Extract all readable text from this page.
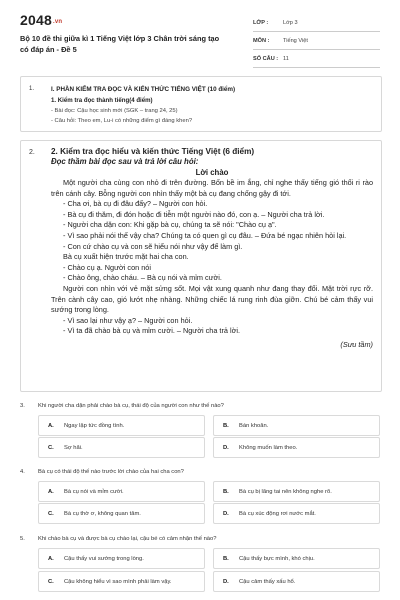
2048.vn
Bộ 10 đề thi giữa kì 1 Tiếng Việt lớp 3 Chân trời sáng tạo có đáp án - Đề 5
LỚP :	Lớp 3
MÔN :	Tiếng Việt
SỐ CÂU : 11
1.	I. PHẦN KIỂM TRA ĐỌC VÀ KIẾN THỨC TIẾNG VIỆT (10 điểm)
1. Kiểm tra đọc thành tiếng(4 điểm)
- Bài đọc: Cậu học sinh mới (SGK – trang 24, 25)
- Câu hỏi: Theo em, Lu-i có những điểm gì đáng khen?
2. 2. Kiểm tra đọc hiểu và kiến thức Tiếng Việt (6 điểm)
Đọc thầm bài đọc sau và trả lời câu hỏi:
Lời chào

Một người cha cùng con nhỏ đi trên đường. Bốn bề im ắng, chỉ nghe thấy tiếng gió thổi ri rào trên cánh cây. Bỗng người con nhìn thấy một bà cụ đang chống gậy đi tới.

- Cha ơi, bà cụ đi đâu đấy? – Người con hỏi.

- Bà cụ đi thăm, đi đón hoặc đi tiễn một người nào đó, con ạ. – Người cha trả lời.

- Người cha dặn con: Khi gặp bà cụ, chúng ta sẽ nói: "Chào cụ ạ".

- Vì sao phải nói thế vậy cha? Chúng ta có quen gì cụ đâu. – Đứa bé ngạc nhiên hỏi lại.

- Con cứ chào cụ và con sẽ hiểu nói như vậy để làm gì.

Bà cụ xuất hiện trước mặt hai cha con.

- Chào cụ ạ. Người con nói

- Chào ông, chào cháu. – Bà cụ nói và mỉm cười.

Người con nhìn với vẻ mặt sửng sốt. Mọi vật xung quanh như đang thay đổi. Mặt trời rực rỡ. Trên cành cây cao, gió lướt nhẹ nhàng. Những chiếc lá rung rinh đùa giỡn. Chú bé cảm thấy vui sướng trong lòng.

- Vì sao lại như vậy ạ? – Người con hỏi.

- Vì ta đã chào bà cụ và mỉm cười. – Người cha trả lời.

(Sưu tầm)
3. Khi người cha dặn phải chào bà cụ, thái độ của người con như thế nào?
A.	Ngay lập tức đồng tình.	B.	Bán khoăn.
C.	Sợ hãi.	D.	Không muốn làm theo.
4. Bà cụ có thái độ thế nào trước lời chào của hai cha con?
A.	Bà cụ nói và mỉm cười.	B.	Bà cụ bị lãng tai nên không nghe rõ.
C.	Bà cụ thờ ơ, không quan tâm.	D.	Bà cụ xúc động rơi nước mắt.
5. Khi chào bà cụ và được bà cụ chào lại, cậu bé có cảm nhận thế nào?
A.	Cậu thấy vui sướng trong lòng.	B.	Cậu thấy bực mình, khó chịu.
C.	Cậu không hiểu vì sao mình phải làm vậy.	D.	Cậu cảm thấy xấu hổ.
